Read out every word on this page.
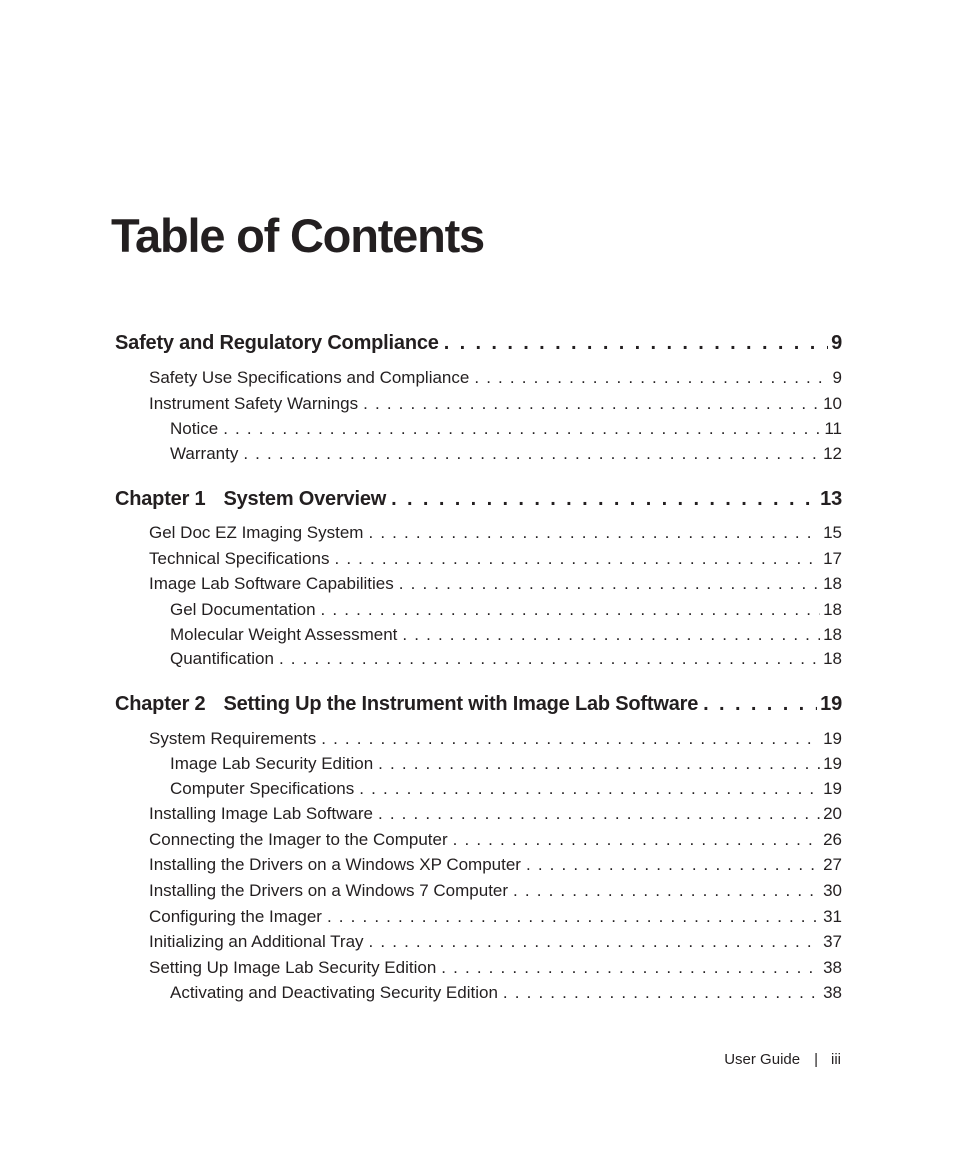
Table of Contents
Safety and Regulatory Compliance . . .	9
Safety Use Specifications and Compliance . . .	9
Instrument Safety Warnings . . .	10
Notice . . .	11
Warranty . . .	12
Chapter 1 System Overview . . .	13
Gel Doc EZ Imaging System . . .	15
Technical Specifications . . .	17
Image Lab Software Capabilities . . .	18
Gel Documentation . . .	18
Molecular Weight Assessment . . .	18
Quantification . . .	18
Chapter 2 Setting Up the Instrument with Image Lab Software . . .	19
System Requirements . . .	19
Image Lab Security Edition . . .	19
Computer Specifications . . .	19
Installing Image Lab Software . . .	20
Connecting the Imager to the Computer . . .	26
Installing the Drivers on a Windows XP Computer . . .	27
Installing the Drivers on a Windows 7 Computer . . .	30
Configuring the Imager . . .	31
Initializing an Additional Tray . . .	37
Setting Up Image Lab Security Edition . . .	38
Activating and Deactivating Security Edition . . .	38
User Guide | iii
